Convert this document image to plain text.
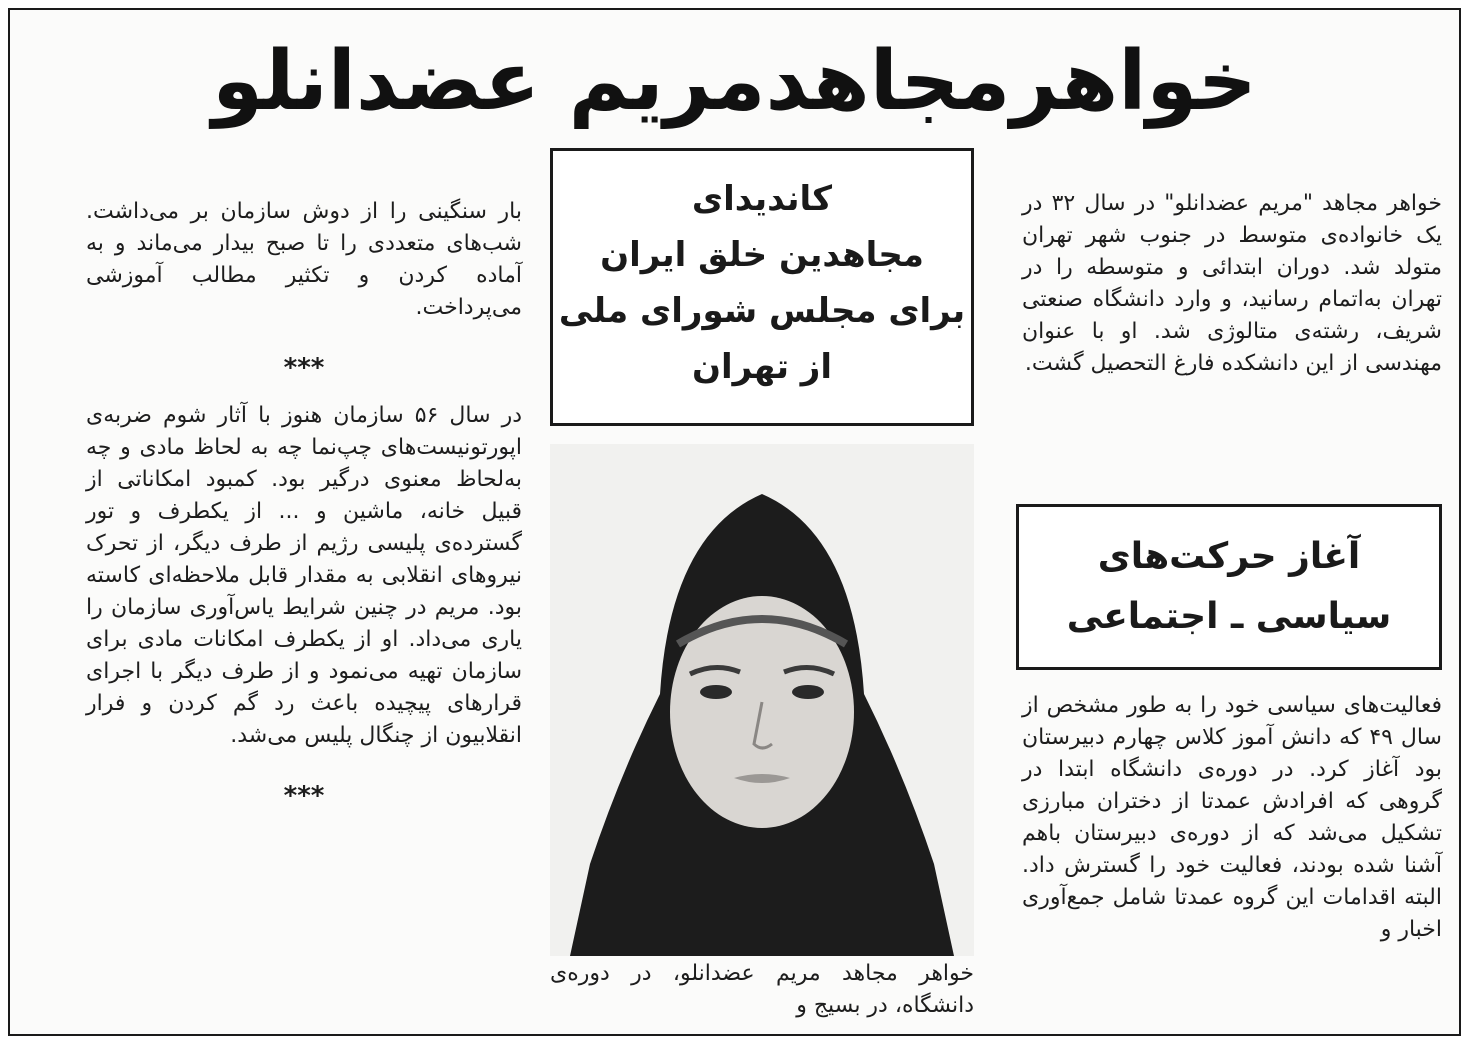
خواهرمجاهدمریم عضدانلو

خواهر مجاهد "مریم عضدانلو" در سال ۳۲ در یک خانواده‌ی متوسط در جنوب شهر تهران متولد شد. دوران ابتدائی و متوسطه را در تهران به‌اتمام رسانید، و وارد دانشگاه صنعتی شریف، رشته‌ی متالوژی شد. او با عنوان مهندسی از این دانشکده فارغ التحصیل گشت.

آغاز حرکت‌های
سیاسی ـ اجتماعی

فعالیت‌های سیاسی خود را به طور مشخص از سال ۴۹ که دانش آموز کلاس چهارم دبیرستان بود آغاز کرد. در دوره‌ی دانشگاه ابتدا در گروهی که افرادش عمدتا از دختران مبارزی تشکیل می‌شد که از دوره‌ی دبیرستان باهم آشنا شده بودند، فعالیت خود را گسترش داد. البته اقدامات این گروه عمدتا شامل جمع‌آوری اخبار و

کاندیدای
مجاهدین خلق ایران
برای مجلس شورای ملی
از تهران

خواهر مجاهد مریم عضدانلو، در دوره‌ی دانشگاه، در بسیج و

بار سنگینی را از دوش سازمان بر می‌داشت. شب‌های متعددی را تا صبح بیدار می‌ماند و به آماده کردن و تکثیر مطالب آموزشی می‌پرداخت.

***

در سال ۵۶ سازمان هنوز با آثار شوم ضربه‌ی اپورتونیست‌های چپ‌نما چه به لحاظ مادی و چه به‌لحاظ معنوی درگیر بود. کمبود امکاناتی از قبیل خانه، ماشین و ... از یکطرف و تور گسترده‌ی پلیسی رژیم از طرف دیگر، از تحرک نیروهای انقلابی به مقدار قابل ملاحظه‌ای کاسته بود. مریم در چنین شرایط یاس‌آوری سازمان را یاری می‌داد. او از یکطرف امکانات مادی برای سازمان تهیه می‌نمود و از طرف دیگر با اجرای قرارهای پیچیده باعث رد گم کردن و فرار انقلابیون از چنگال پلیس می‌شد.

***
